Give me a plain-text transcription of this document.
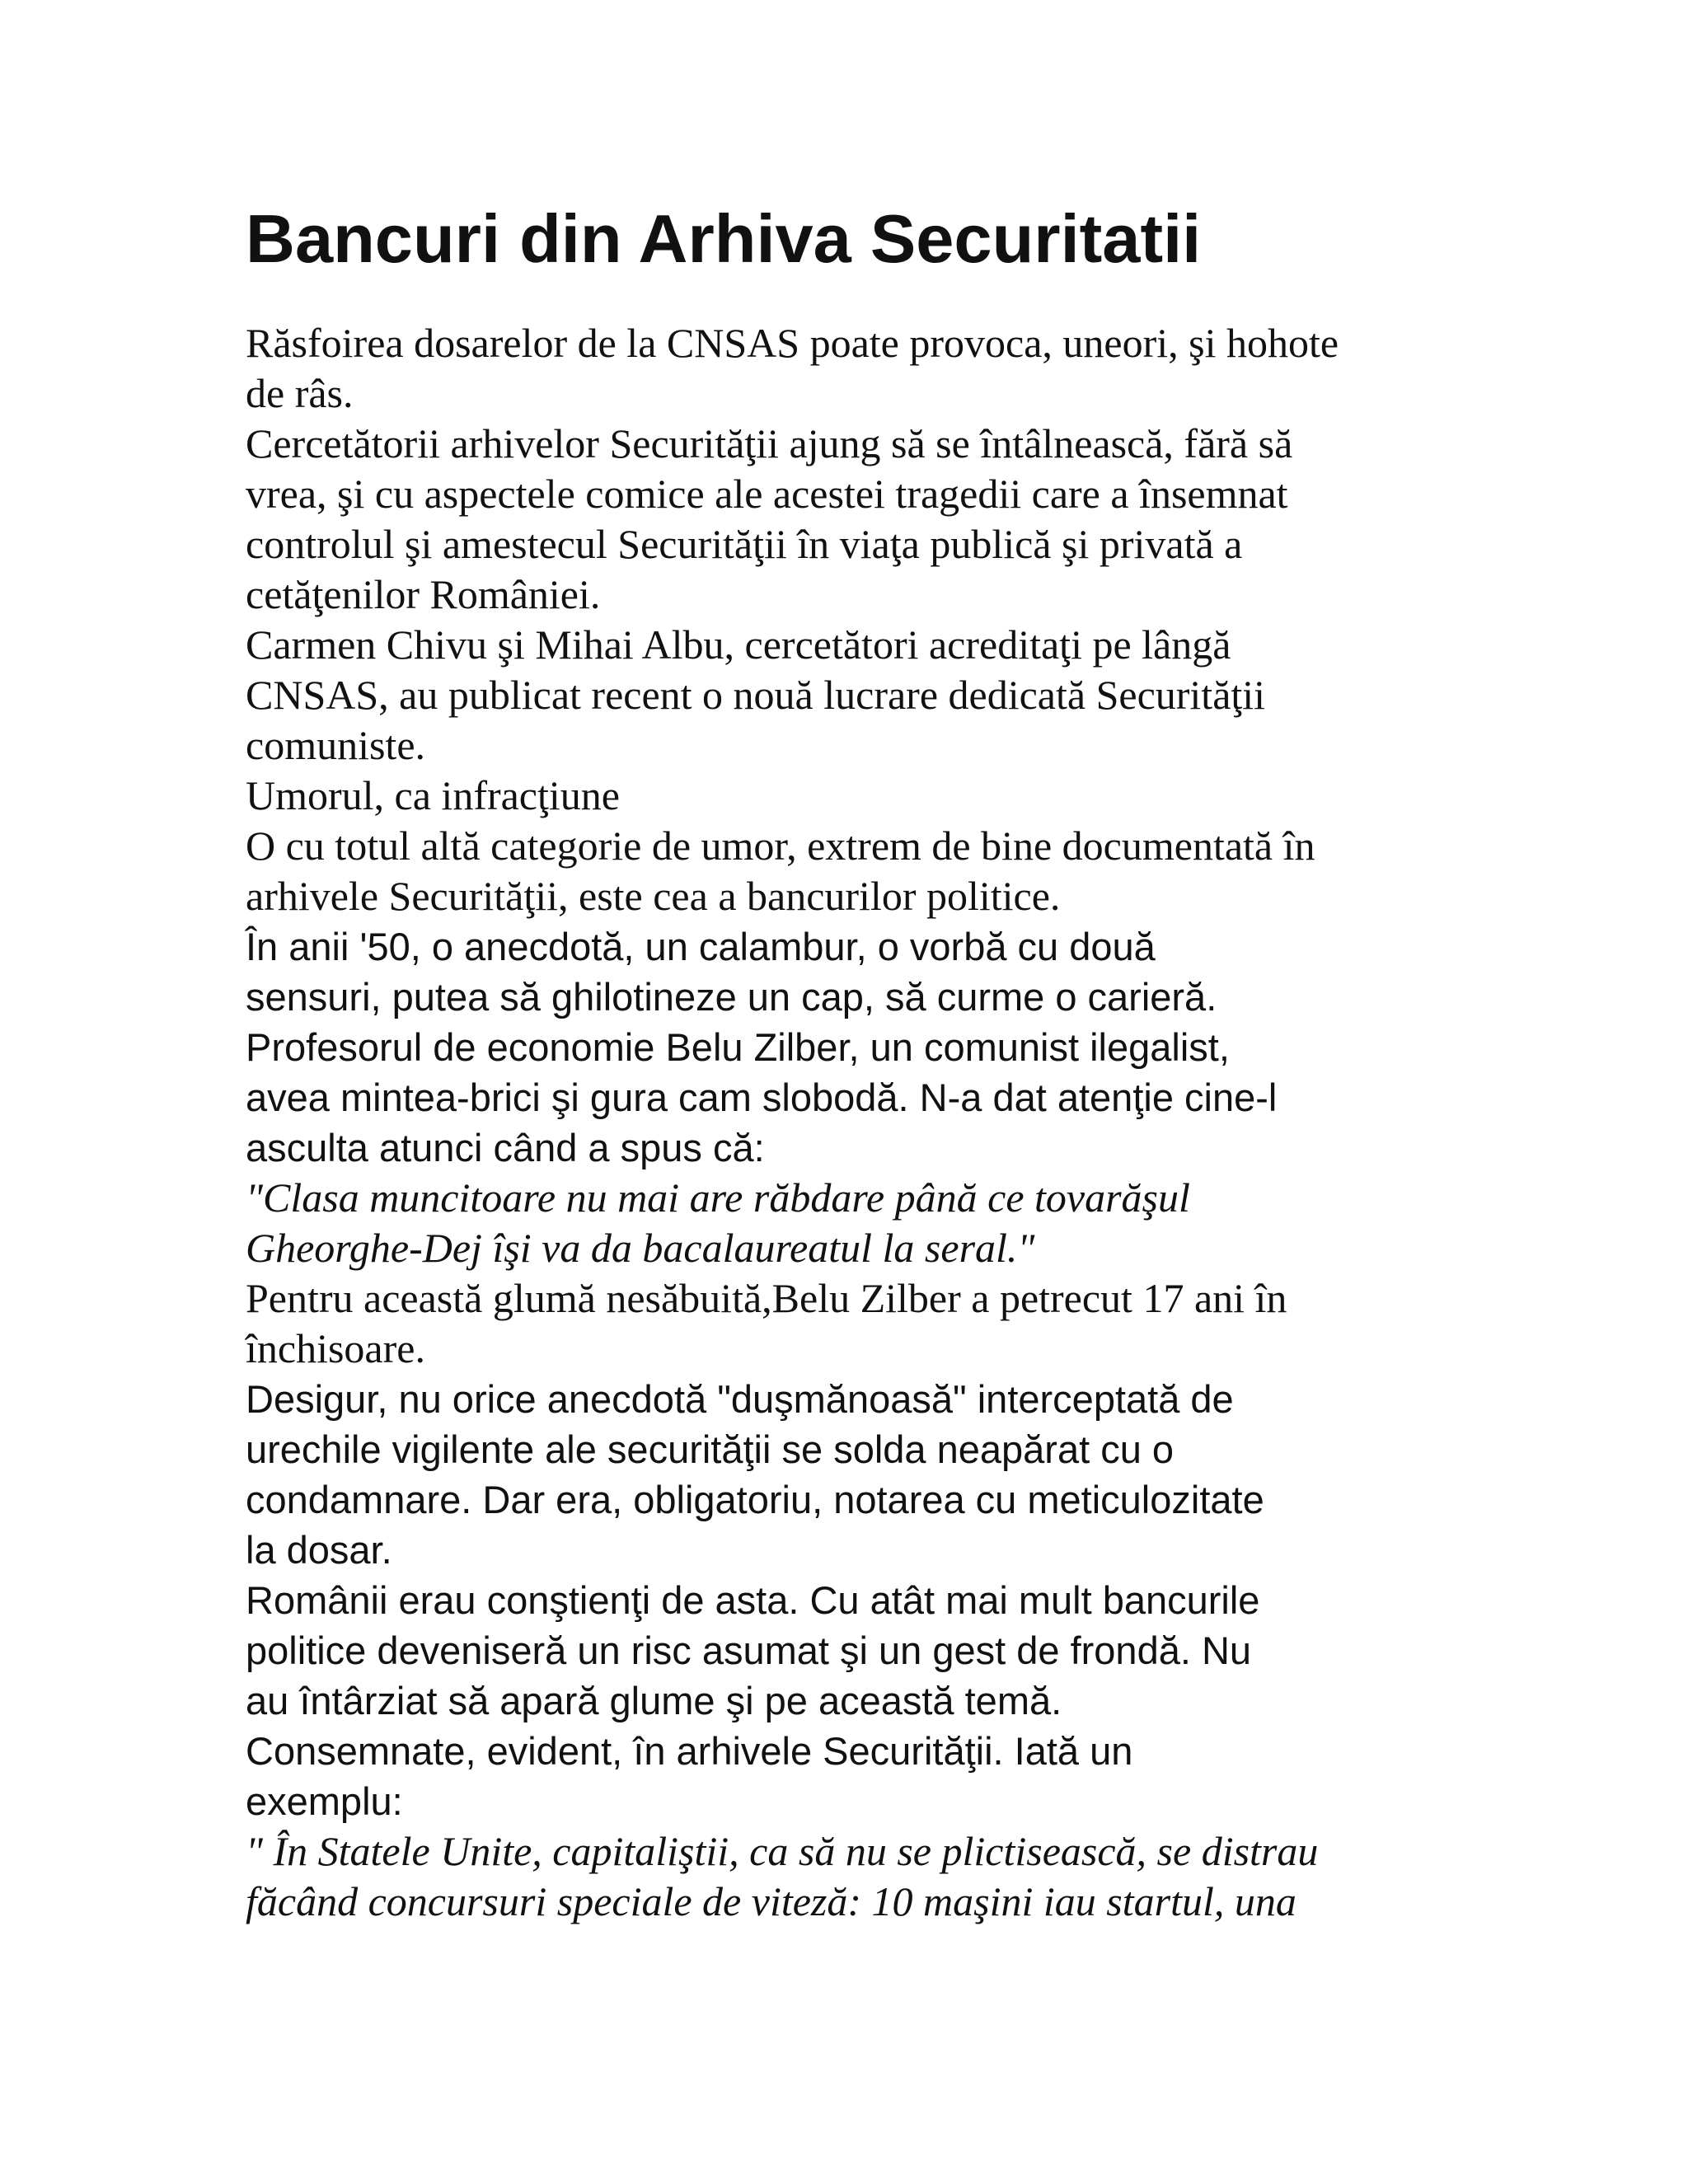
Bancuri din Arhiva Securitatii
Răsfoirea dosarelor de la CNSAS poate provoca, uneori, şi hohote
de râs.
Cercetătorii arhivelor Securităţii ajung să se întâlnească, fără să
vrea, şi cu aspectele comice ale acestei tragedii care a însemnat
controlul şi amestecul Securităţii în viaţa publică şi privată a
cetăţenilor României.
Carmen Chivu şi Mihai Albu, cercetători acreditaţi pe lângă
CNSAS, au publicat recent o nouă lucrare dedicată Securităţii
comuniste.
Umorul, ca infracţiune
O cu totul altă categorie de umor, extrem de bine documentată în
arhivele Securităţii, este cea a bancurilor politice.
În anii '50, o anecdotă, un calambur, o vorbă cu două
sensuri, putea să ghilotineze un cap, să curme o carieră.
Profesorul de economie Belu Zilber, un comunist ilegalist,
avea mintea-brici şi gura cam slobodă. N-a dat atenţie cine-l
asculta atunci când a spus că:
"Clasa muncitoare nu mai are răbdare până ce tovarăşul
Gheorghe-Dej îşi va da bacalaureatul la seral."
Pentru această glumă nesăbuită,Belu Zilber a petrecut 17 ani în
închisoare.
Desigur, nu orice anecdotă "duşmănoasă" interceptată de
urechile vigilente ale securităţii se solda neapărat cu o
condamnare. Dar era, obligatoriu, notarea cu meticulozitate
la dosar.
Românii erau conştienţi de asta. Cu atât mai mult bancurile
politice deveniseră un risc asumat şi un gest de frondă. Nu
au întârziat să apară glume şi pe această temă.
Consemnate, evident, în arhivele Securităţii. Iată un
exemplu:
" În Statele Unite, capitaliştii, ca să nu se plictisească, se distrau
făcând concursuri speciale de viteză: 10 maşini iau startul, una
